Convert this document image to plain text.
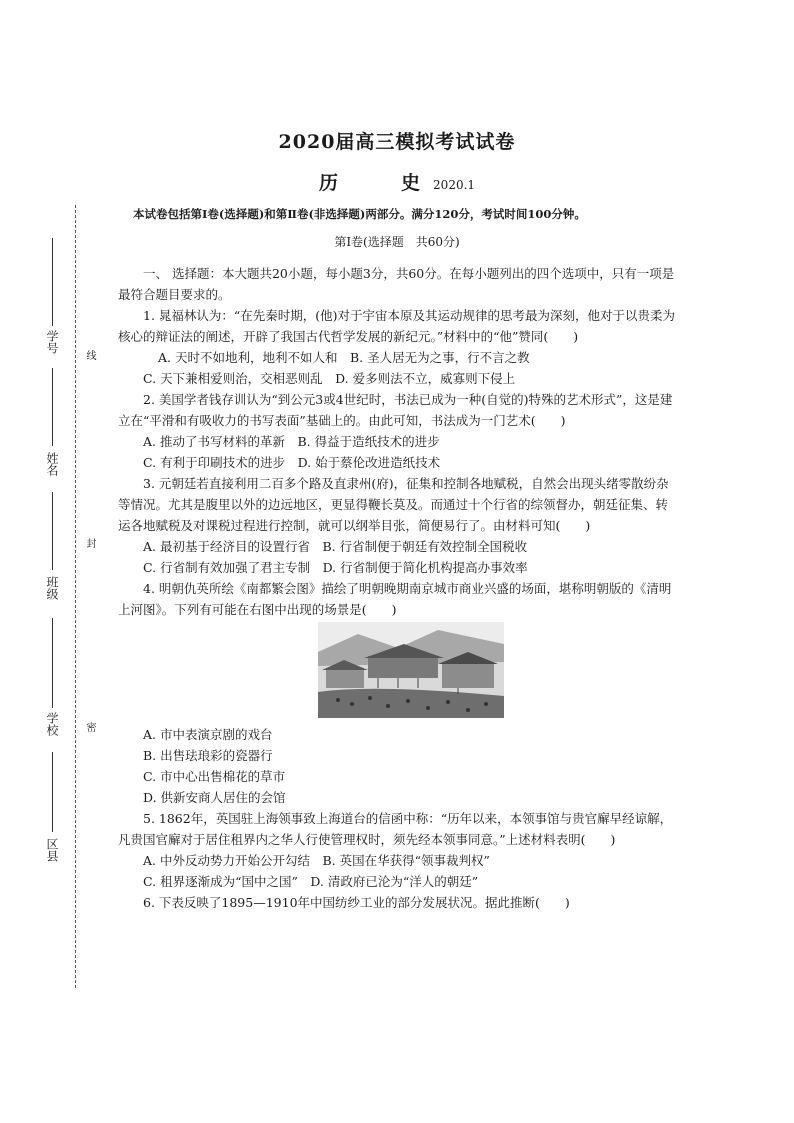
2020届高三模拟考试试卷
历　史 2020.1
本试卷包括第Ⅰ卷(选择题)和第Ⅱ卷(非选择题)两部分。满分120分，考试时间100分钟。
第Ⅰ卷(选择题　共60分)
学号
姓名
班级
学校
区县
线
封
密

一、 选择题：本大题共20小题，每小题3分，共60分。在每小题列出的四个选项中，只有一项是最符合题目要求的。

1. 晁福林认为：“在先秦时期，(他)对于宇宙本原及其运动规律的思考最为深刻，他对于以贵柔为核心的辩证法的阐述，开辟了我国古代哲学发展的新纪元。”材料中的“他”赞同(　　)

A. 天时不如地利，地利不如人和　B. 圣人居无为之事，行不言之教

C. 天下兼相爱则治，交相恶则乱　D. 爱多则法不立，威寡则下侵上

2. 美国学者钱存训认为“到公元3或4世纪时，书法已成为一种(自觉的)特殊的艺术形式”，这是建立在“平滑和有吸收力的书写表面”基础上的。由此可知，书法成为一门艺术(　　)

A. 推动了书写材料的革新　B. 得益于造纸技术的进步

C. 有利于印刷技术的进步　D. 始于蔡伦改进造纸技术

3. 元朝廷若直接利用二百多个路及直隶州(府)，征集和控制各地赋税，自然会出现头绪零散纷杂等情况。尤其是腹里以外的边远地区，更显得鞭长莫及。而通过十个行省的综领督办，朝廷征集、转运各地赋税及对课税过程进行控制，就可以纲举目张，简便易行了。由材料可知(　　)

A. 最初基于经济目的设置行省　B. 行省制便于朝廷有效控制全国税收

C. 行省制有效加强了君主专制　D. 行省制便于简化机构提高办事效率

4. 明朝仇英所绘《南都繁会图》描绘了明朝晚期南京城市商业兴盛的场面，堪称明朝版的《清明上河图》。下列有可能在右图中出现的场景是(　　)

A. 市中表演京剧的戏台

B. 出售珐琅彩的瓷器行

C. 市中心出售棉花的草市

D. 供新安商人居住的会馆

5. 1862年，英国驻上海领事致上海道台的信函中称：“历年以来，本领事馆与贵官廨早经谅解，凡贵国官廨对于居住租界内之华人行使管理权时，须先经本领事同意。”上述材料表明(　　)

A. 中外反动势力开始公开勾结　B. 英国在华获得“领事裁判权”

C. 租界逐渐成为“国中之国”　D. 清政府已沦为“洋人的朝廷”

6. 下表反映了1895—1910年中国纺纱工业的部分发展状况。据此推断(　　)
